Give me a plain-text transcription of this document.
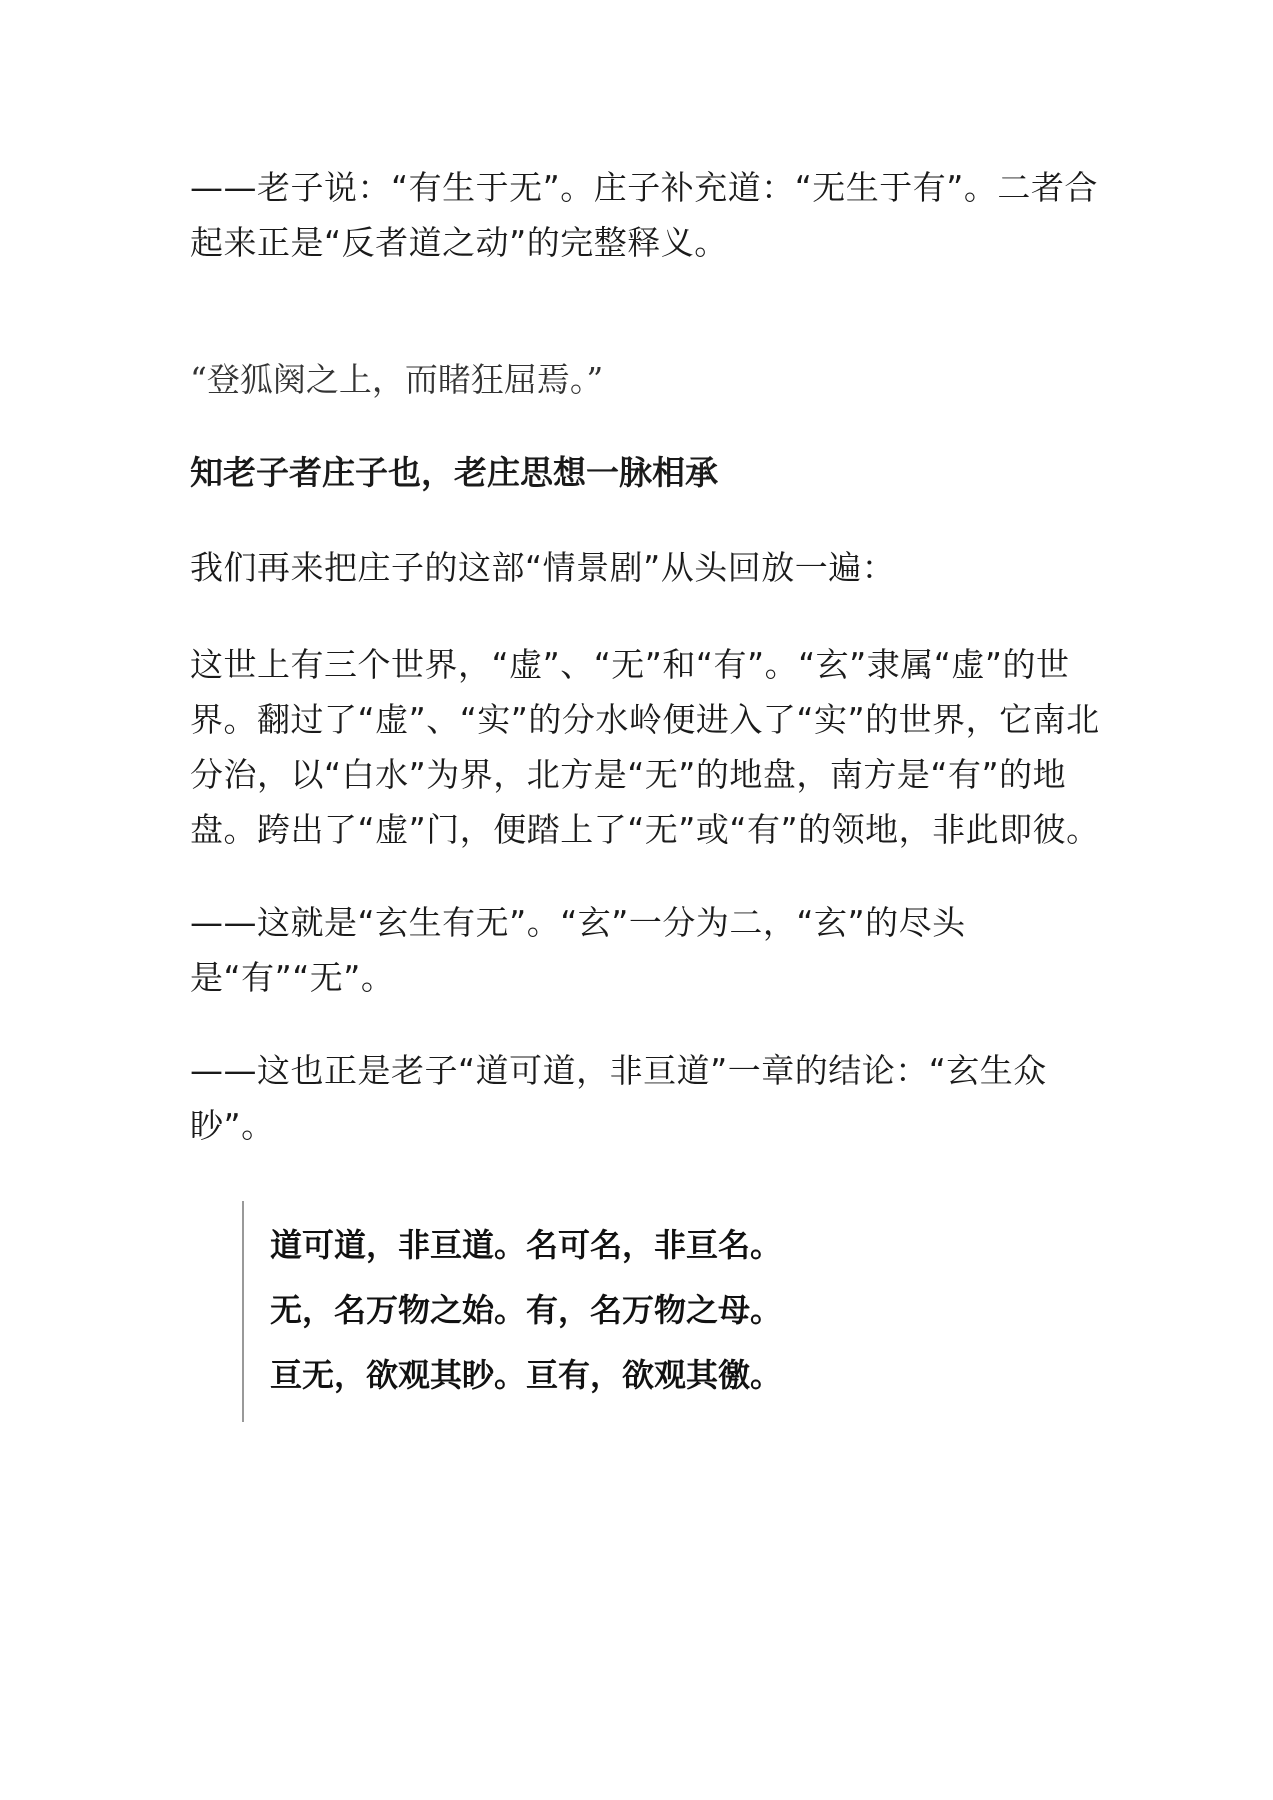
——老子说：“有生于无”。庄子补充道：“无生于有”。二者合起来正是“反者道之动”的完整释义。

“登狐阕之上，而睹狂屈焉。”

知老子者庄子也，老庄思想一脉相承

我们再来把庄子的这部“情景剧”从头回放一遍：

这世上有三个世界，“虚”、“无”和“有”。“玄”隶属“虚”的世界。翻过了“虚”、“实”的分水岭便进入了“实”的世界，它南北分治，以“白水”为界，北方是“无”的地盘，南方是“有”的地盘。跨出了“虚”门，便踏上了“无”或“有”的领地，非此即彼。

——这就是“玄生有无”。“玄”一分为二，“玄”的尽头是“有”“无”。

——这也正是老子“道可道，非亘道”一章的结论：“玄生众眇”。

道可道，非亘道。名可名，非亘名。

无，名万物之始。有，名万物之母。

亘无，欲观其眇。亘有，欲观其徼。
